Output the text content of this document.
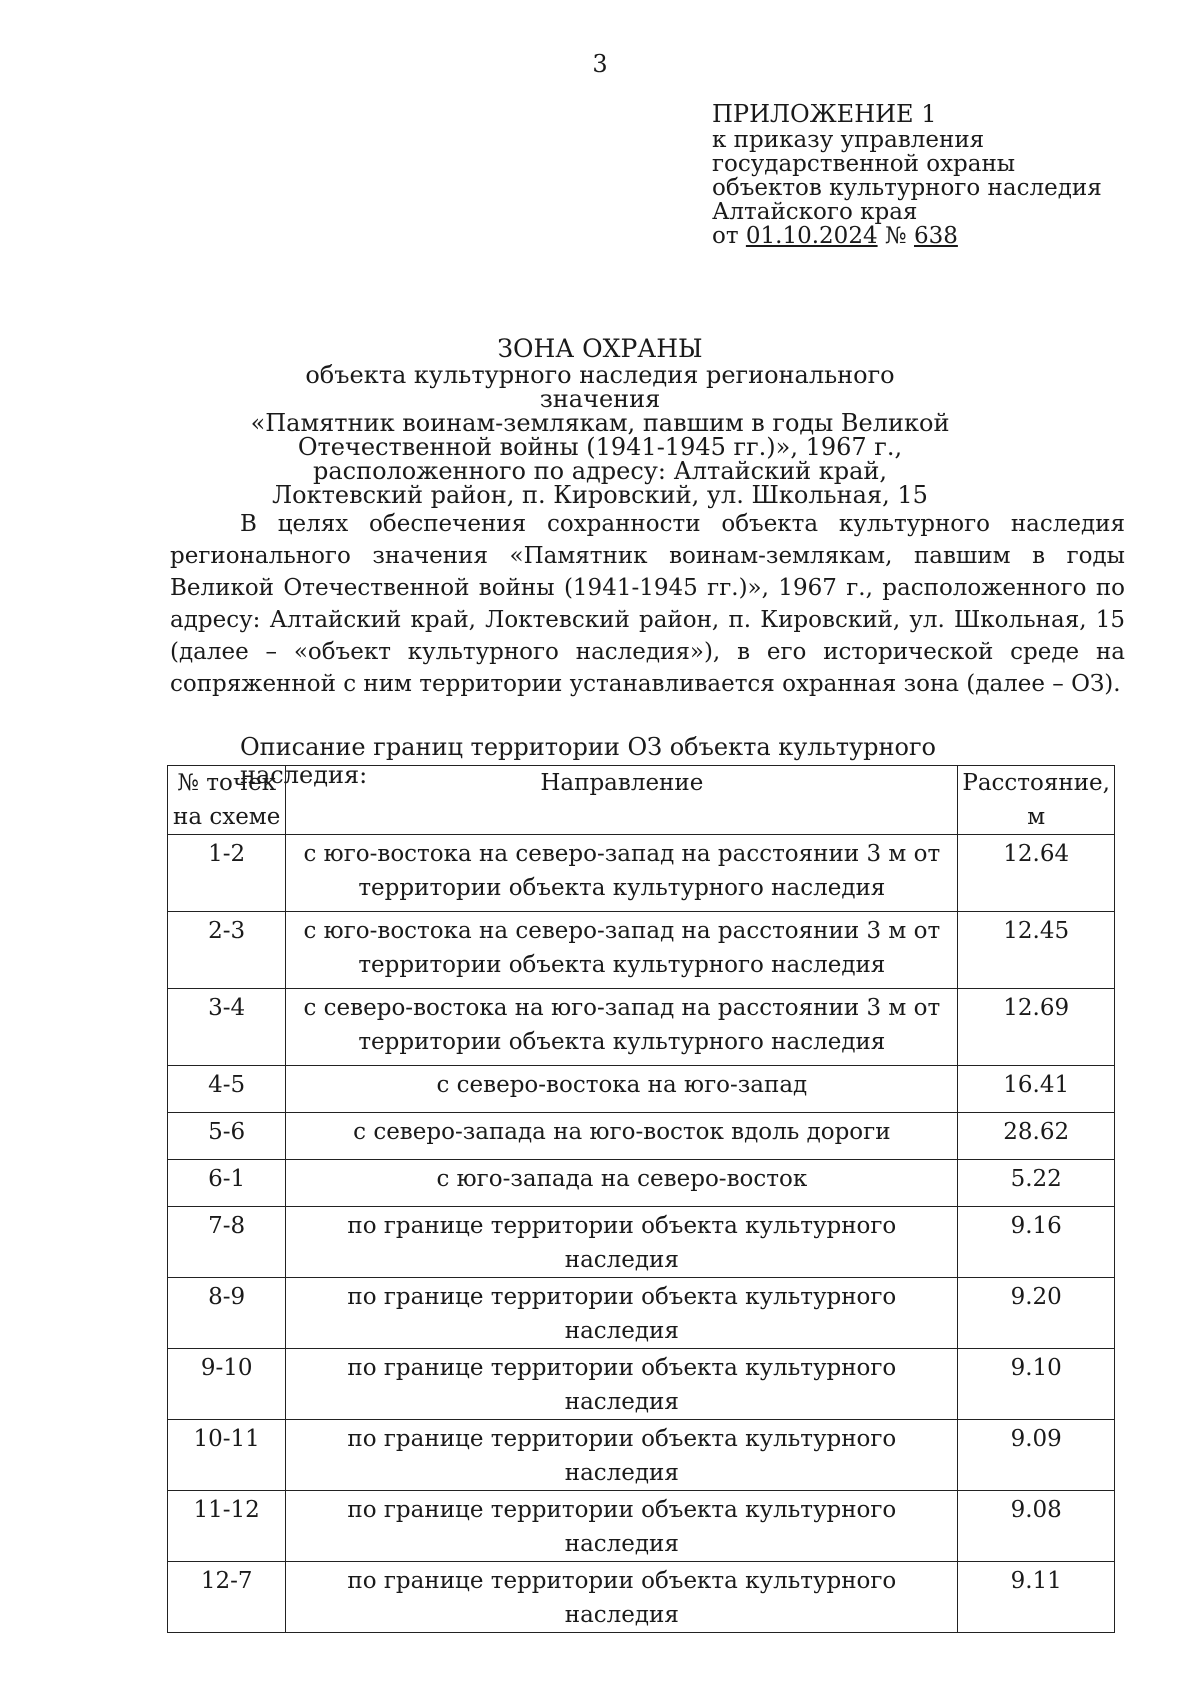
3
ПРИЛОЖЕНИЕ 1
к приказу управления
государственной охраны
объектов культурного наследия
Алтайского края
от 01.10.2024 № 638
ЗОНА ОХРАНЫ
объекта культурного наследия регионального значения
«Памятник воинам-землякам, павшим в годы Великой
Отечественной войны (1941-1945 гг.)», 1967 г.,
расположенного по адресу: Алтайский край,
Локтевский район, п. Кировский, ул. Школьная, 15
В целях обеспечения сохранности объекта культурного наследия регионального значения «Памятник воинам-землякам, павшим в годы Великой Отечественной войны (1941-1945 гг.)», 1967 г., расположенного по адресу: Алтайский край, Локтевский район, п. Кировский, ул. Школьная, 15 (далее – «объект культурного наследия»), в его исторической среде на сопряженной с ним территории устанавливается охранная зона (далее – ОЗ).
Описание границ территории ОЗ объекта культурного наследия:
№ точек на схеме	Направление	Расстояние, м
1-2	с юго-востока на северо-запад на расстоянии 3 м от территории объекта культурного наследия	12.64
2-3	с юго-востока на северо-запад на расстоянии 3 м от территории объекта культурного наследия	12.45
3-4	с северо-востока на юго-запад на расстоянии 3 м от территории объекта культурного наследия	12.69
4-5	с северо-востока на юго-запад	16.41
5-6	с северо-запада на юго-восток вдоль дороги	28.62
6-1	с юго-запада на северо-восток	5.22
7-8	по границе территории объекта культурного наследия	9.16
8-9	по границе территории объекта культурного наследия	9.20
9-10	по границе территории объекта культурного наследия	9.10
10-11	по границе территории объекта культурного наследия	9.09
11-12	по границе территории объекта культурного наследия	9.08
12-7	по границе территории объекта культурного наследия	9.11
